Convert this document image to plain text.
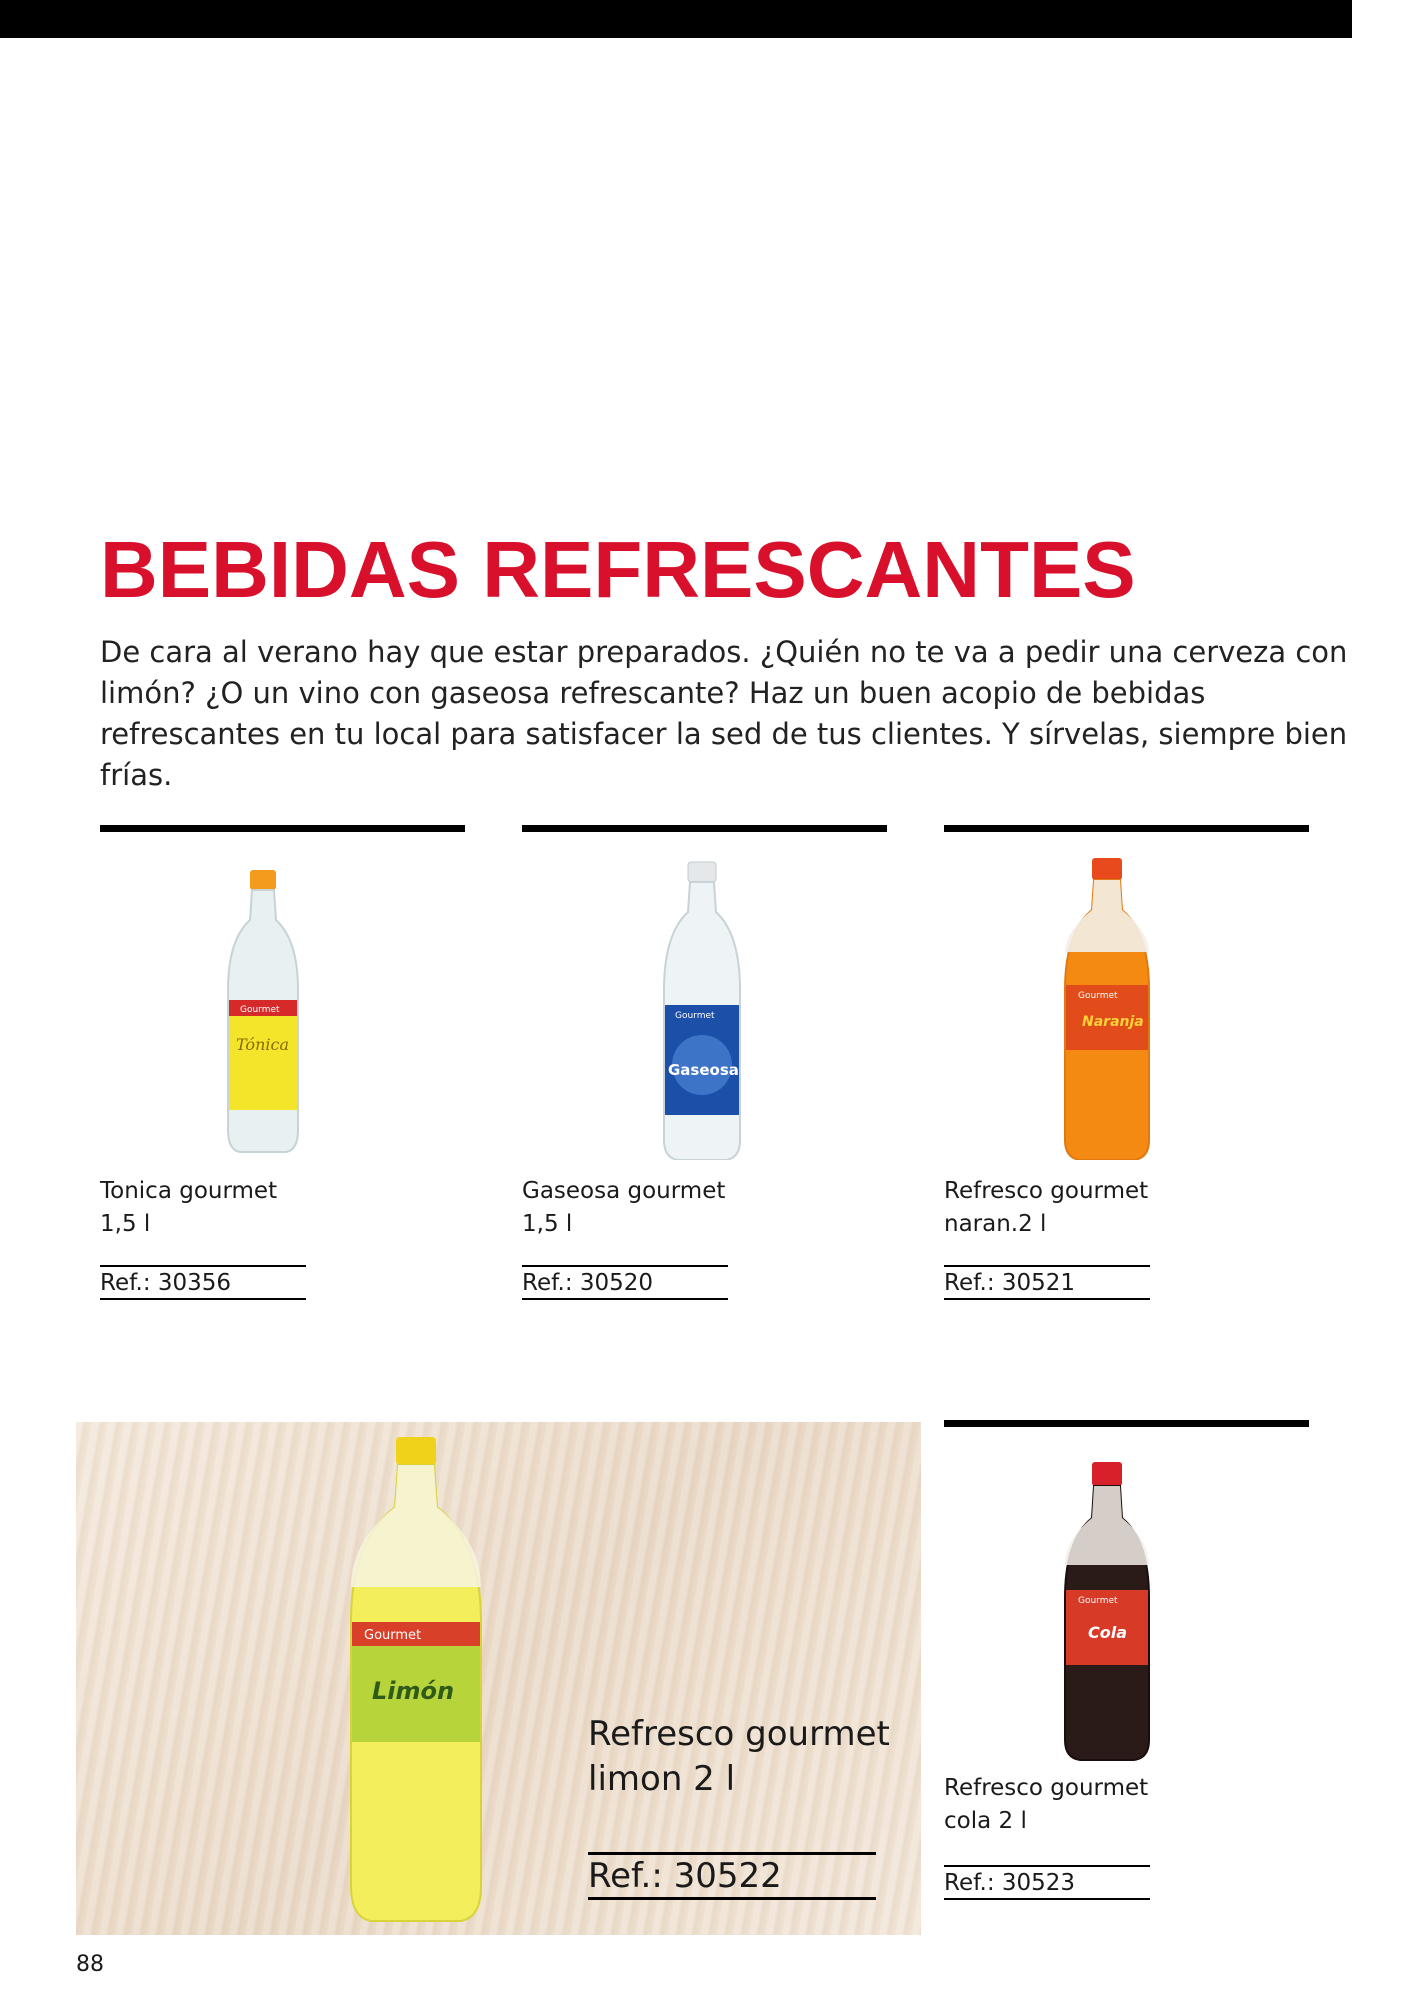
BEBIDAS REFRESCANTES

De cara al verano hay que estar preparados. ¿Quién no te va a pedir una cerveza con limón? ¿O un vino con gaseosa refrescante? Haz un buen acopio de bebidas refrescantes en tu local para satisfacer la sed de tus clientes. Y sírvelas, siempre bien frías.

Gourmet
Tónica

Tonica gourmet
1,5 l

Ref.: 30356
Gourmet
Gaseosa

Gaseosa gourmet
1,5 l

Ref.: 30520
Gourmet
Naranja

Refresco gourmet
naran.2 l

Ref.: 30521
Gourmet
Limón

Refresco gourmet
limon 2 l

Ref.: 30522
Gourmet
Cola

Refresco gourmet
cola 2 l

Ref.: 30523
88
